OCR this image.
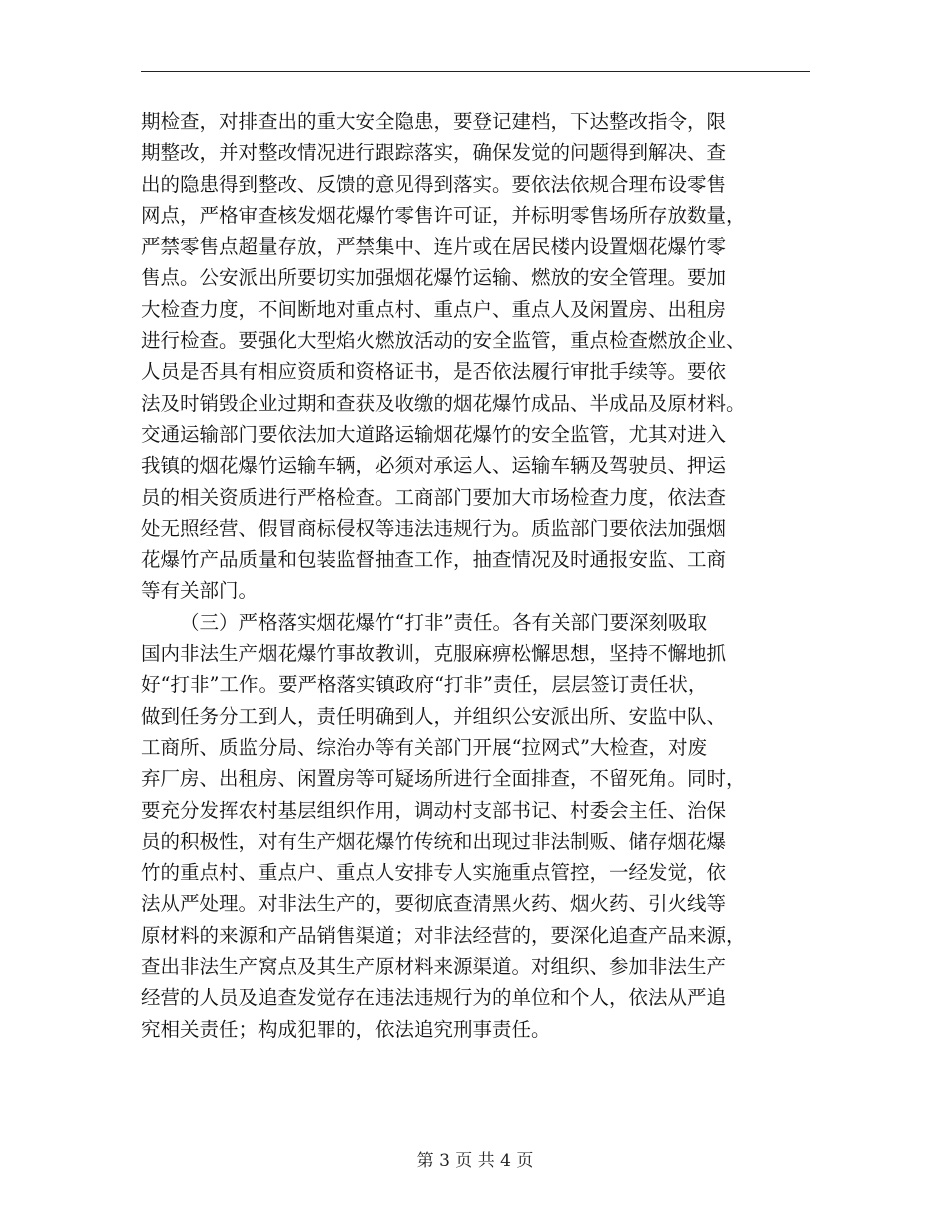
期检查，对排查出的重大安全隐患，要登记建档，下达整改指令，限
期整改，并对整改情况进行跟踪落实，确保发觉的问题得到解决、查
出的隐患得到整改、反馈的意见得到落实。要依法依规合理布设零售
网点，严格审查核发烟花爆竹零售许可证，并标明零售场所存放数量，
严禁零售点超量存放，严禁集中、连片或在居民楼内设置烟花爆竹零
售点。公安派出所要切实加强烟花爆竹运输、燃放的安全管理。要加
大检查力度，不间断地对重点村、重点户、重点人及闲置房、出租房
进行检查。要强化大型焰火燃放活动的安全监管，重点检查燃放企业、
人员是否具有相应资质和资格证书，是否依法履行审批手续等。要依
法及时销毁企业过期和查获及收缴的烟花爆竹成品、半成品及原材料。
交通运输部门要依法加大道路运输烟花爆竹的安全监管，尤其对进入
我镇的烟花爆竹运输车辆，必须对承运人、运输车辆及驾驶员、押运
员的相关资质进行严格检查。工商部门要加大市场检查力度，依法查
处无照经营、假冒商标侵权等违法违规行为。质监部门要依法加强烟
花爆竹产品质量和包装监督抽查工作，抽查情况及时通报安监、工商
等有关部门。

（三）严格落实烟花爆竹“打非”责任。各有关部门要深刻吸取
国内非法生产烟花爆竹事故教训，克服麻痹松懈思想，坚持不懈地抓
好“打非”工作。要严格落实镇政府“打非”责任，层层签订责任状，
做到任务分工到人，责任明确到人，并组织公安派出所、安监中队、
工商所、质监分局、综治办等有关部门开展“拉网式”大检查，对废
弃厂房、出租房、闲置房等可疑场所进行全面排查，不留死角。同时，
要充分发挥农村基层组织作用，调动村支部书记、村委会主任、治保
员的积极性，对有生产烟花爆竹传统和出现过非法制贩、储存烟花爆
竹的重点村、重点户、重点人安排专人实施重点管控，一经发觉，依
法从严处理。对非法生产的，要彻底查清黑火药、烟火药、引火线等
原材料的来源和产品销售渠道；对非法经营的，要深化追查产品来源，
查出非法生产窝点及其生产原材料来源渠道。对组织、参加非法生产
经营的人员及追查发觉存在违法违规行为的单位和个人，依法从严追
究相关责任；构成犯罪的，依法追究刑事责任。

第 3 页 共 4 页
